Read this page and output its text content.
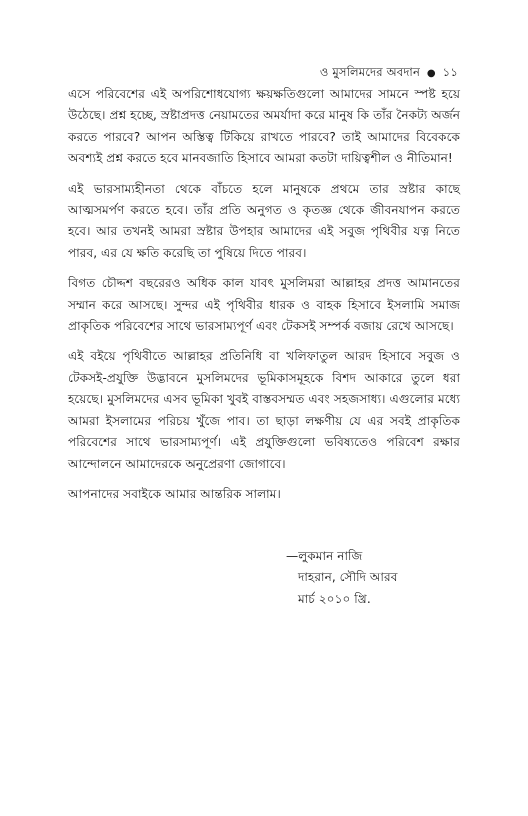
ও মুসলিমদের অবদান ● ১১

এসে পরিবেশের এই অপরিশোধযোগ্য ক্ষয়ক্ষতিগুলো আমাদের সামনে স্পষ্ট হয়ে উঠেছে। প্রশ্ন হচ্ছে, স্রষ্টাপ্রদত্ত নেয়ামতের অমর্যাদা করে মানুষ কি তাঁর নৈকট্য অর্জন করতে পারবে? আপন অস্তিত্ব টিকিয়ে রাখতে পারবে? তাই আমাদের বিবেককে অবশ্যই প্রশ্ন করতে হবে মানবজাতি হিসাবে আমরা কতটা দায়িত্বশীল ও নীতিমান!

এই ভারসাম্যহীনতা থেকে বাঁচতে হলে মানুষকে প্রথমে তার স্রষ্টার কাছে আত্মসমর্পণ করতে হবে। তাঁর প্রতি অনুগত ও কৃতজ্ঞ থেকে জীবনযাপন করতে হবে। আর তখনই আমরা স্রষ্টার উপহার আমাদের এই সবুজ পৃথিবীর যত্ন নিতে পারব, এর যে ক্ষতি করেছি তা পুষিয়ে দিতে পারব।

বিগত চৌদ্দশ বছরেরও অধিক কাল যাবৎ মুসলিমরা আল্লাহর প্রদত্ত আমানতের সম্মান করে আসছে। সুন্দর এই পৃথিবীর ধারক ও বাহক হিসাবে ইসলামি সমাজ প্রাকৃতিক পরিবেশের সাথে ভারসাম্যপূর্ণ এবং টেকসই সম্পর্ক বজায় রেখে আসছে।

এই বইয়ে পৃথিবীতে আল্লাহর প্রতিনিধি বা খলিফাতুল আরদ হিসাবে সবুজ ও টেকসই-প্রযুক্তি উদ্ভাবনে মুসলিমদের ভূমিকাসমূহকে বিশদ আকারে তুলে ধরা হয়েছে। মুসলিমদের এসব ভূমিকা খুবই বাস্তবসম্মত এবং সহজসাধ্য। এগুলোর মধ্যে আমরা ইসলামের পরিচয় খুঁজে পাব। তা ছাড়া লক্ষণীয় যে এর সবই প্রাকৃতিক পরিবেশের সাথে ভারসাম্যপূর্ণ। এই প্রযুক্তিগুলো ভবিষ্যতেও পরিবেশ রক্ষার আন্দোলনে আমাদেরকে অনুপ্রেরণা জোগাবে।

আপনাদের সবাইকে আমার আন্তরিক সালাম।

—লুকমান নাজি
দাহরান, সৌদি আরব
মার্চ ২০১০ খ্রি.
